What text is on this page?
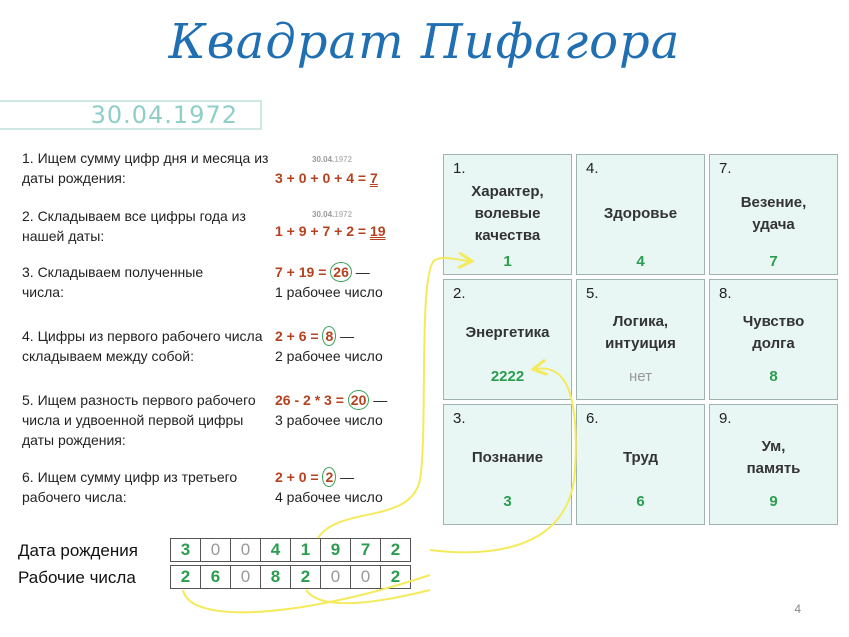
Квадрат Пифагора
30.04.1972
1. Ищем сумму цифр дня и месяца из даты рождения:
30.04.1972
3 + 0 + 0 + 4 = 7
2. Складываем все цифры года из нашей даты:
30.04.1972
1 + 9 + 7 + 2 = 19
3. Складываем полученные числа:
7 + 19 = 26 —
1 рабочее число
4. Цифры из первого рабочего числа складываем между собой:
2 + 6 = 8 —
2 рабочее число
5. Ищем разность первого рабочего числа и удвоенной первой цифры даты рождения:
26 - 2 * 3 = 20 —
3 рабочее число
6. Ищем сумму цифр из третьего рабочего числа:
2 + 0 = 2 —
4 рабочее число
1.
Характер, волевые качества
1
4.
Здоровье
4
7.
Везение, удача
7
2.
Энергетика
2222
5.
Логика, интуиция
нет
8.
Чувство долга
8
3.
Познание
3
6.
Труд
6
9.
Ум, память
9
Дата рождения	3	0	0	4	1	9	7	2
Рабочие числа	2	6	0	8	2	0	0	2
4
